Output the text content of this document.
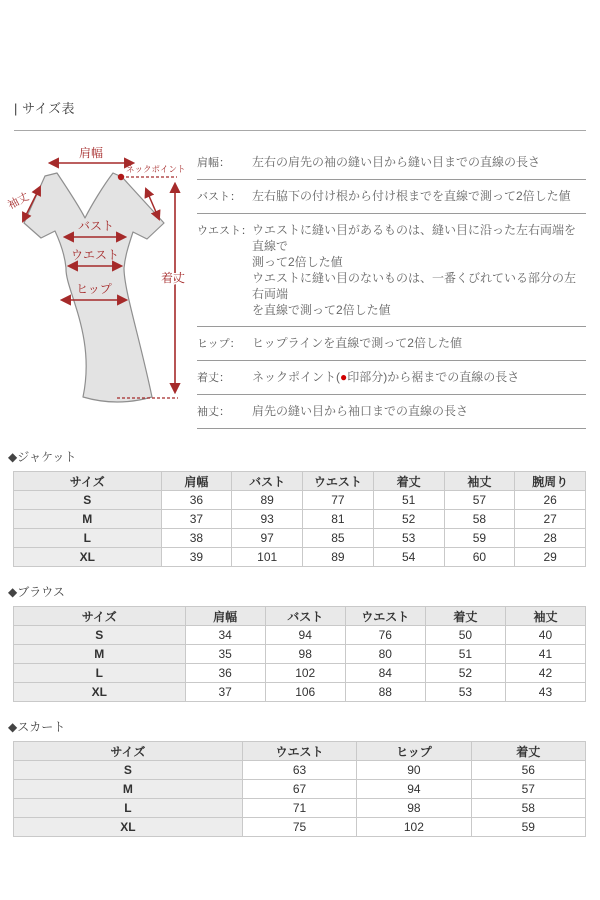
| サイズ表
肩幅
ネックポイント
袖丈
バスト
ウエスト
ヒップ
着丈
肩幅：	左右の肩先の袖の縫い目から縫い目までの直線の長さ
バスト： 左右脇下の付け根から付け根までを直線で測って2倍した値
ウエスト： ウエストに縫い目があるものは、縫い目に沿った左右両端を直線で
測って2倍した値
ウエストに縫い目のないものは、一番くびれている部分の左右両端
を直線で測って2倍した値
ヒップ： ヒップラインを直線で測って2倍した値
着丈：	ネックポイント(●印部分)から裾までの直線の長さ
袖丈：	肩先の縫い目から袖口までの直線の長さ
◆ジャケット
サイズ	肩幅	バスト	ウエスト	着丈	袖丈	腕周り
S	36	89	77	51	57	26
M	37	93	81	52	58	27
L	38	97	85	53	59	28
XL	39	101	89	54	60	29
◆ブラウス
サイズ	肩幅	バスト	ウエスト	着丈	袖丈
S	34	94	76	50	40
M	35	98	80	51	41
L	36	102	84	52	42
XL	37	106	88	53	43
◆スカート
サイズ	ウエスト	ヒップ	着丈
S	63	90	56
M	67	94	57
L	71	98	58
XL	75	102	59
